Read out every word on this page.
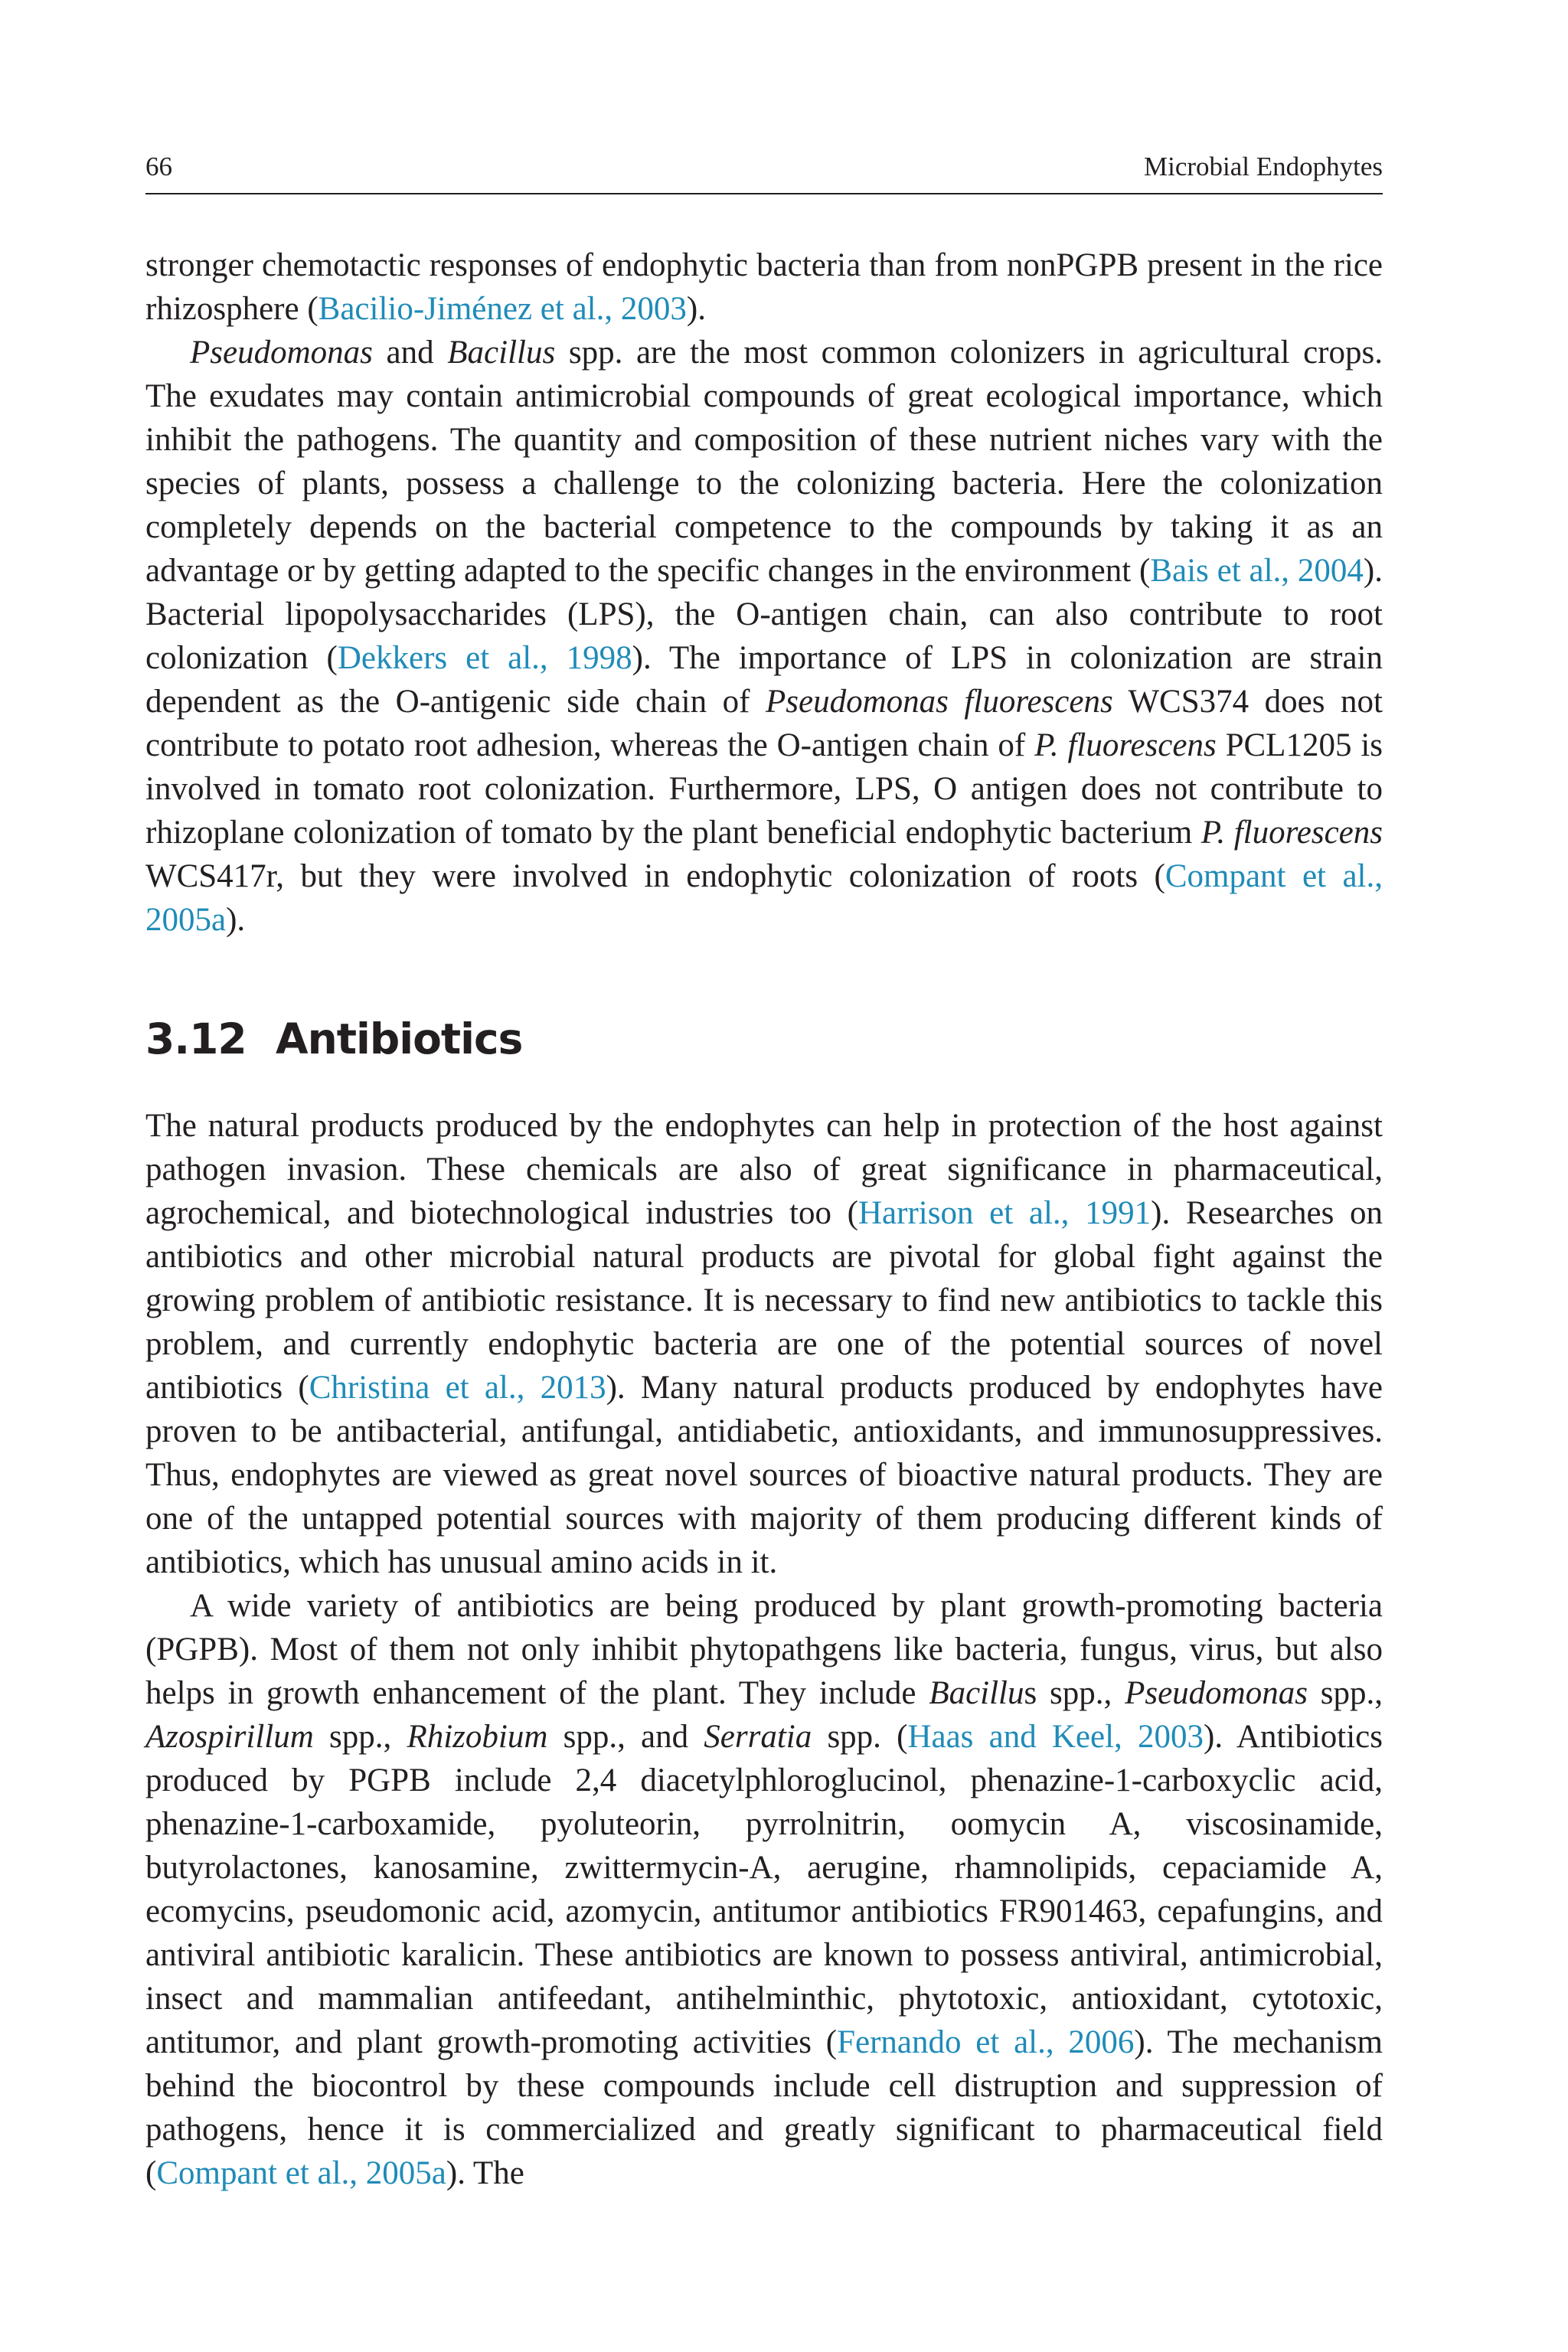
66	Microbial Endophytes

stronger chemotactic responses of endophytic bacteria than from nonPGPB present in the rice rhizosphere (Bacilio-Jiménez et al., 2003).

Pseudomonas and Bacillus spp. are the most common colonizers in agricultural crops. The exudates may contain antimicrobial compounds of great ecological importance, which inhibit the pathogens. The quantity and composition of these nutrient niches vary with the species of plants, possess a challenge to the colonizing bacteria. Here the colonization completely depends on the bacterial competence to the compounds by taking it as an advantage or by getting adapted to the specific changes in the environment (Bais et al., 2004). Bacterial lipopolysaccharides (LPS), the O-antigen chain, can also contribute to root colonization (Dekkers et al., 1998). The importance of LPS in colonization are strain dependent as the O-antigenic side chain of Pseudomonas fluorescens WCS374 does not contribute to potato root adhesion, whereas the O-antigen chain of P. fluorescens PCL1205 is involved in tomato root colonization. Furthermore, LPS, O antigen does not contribute to rhizoplane colonization of tomato by the plant beneficial endophytic bacterium P. fluorescens WCS417r, but they were involved in endophytic colonization of roots (Compant et al., 2005a).

3.12 Antibiotics

The natural products produced by the endophytes can help in protection of the host against pathogen invasion. These chemicals are also of great significance in pharmaceutical, agrochemical, and biotechnological industries too (Harrison et al., 1991). Researches on antibiotics and other microbial natural products are pivotal for global fight against the growing problem of antibiotic resistance. It is necessary to find new antibiotics to tackle this problem, and currently endophytic bacteria are one of the potential sources of novel antibiotics (Christina et al., 2013). Many natural products produced by endophytes have proven to be antibacterial, antifungal, antidiabetic, antioxidants, and immunosuppressives. Thus, endophytes are viewed as great novel sources of bioactive natural products. They are one of the untapped potential sources with majority of them producing different kinds of antibiotics, which has unusual amino acids in it.

A wide variety of antibiotics are being produced by plant growth-promoting bacteria (PGPB). Most of them not only inhibit phytopathgens like bacteria, fungus, virus, but also helps in growth enhancement of the plant. They include Bacillus spp., Pseudomonas spp., Azospirillum spp., Rhizobium spp., and Serratia spp. (Haas and Keel, 2003). Antibiotics produced by PGPB include 2,4 diacetylphloroglucinol, phenazine-1-carboxyclic acid, phenazine-1-carboxamide, pyoluteorin, pyrrolnitrin, oomycin A, viscosinamide, butyrolactones, kanosamine, zwittermycin-A, aerugine, rhamnolipids, cepaciamide A, ecomycins, pseudomonic acid, azomycin, antitumor antibiotics FR901463, cepafungins, and antiviral antibiotic karalicin. These antibiotics are known to possess antiviral, antimicrobial, insect and mammalian antifeedant, antihelminthic, phytotoxic, antioxidant, cytotoxic, antitumor, and plant growth-promoting activities (Fernando et al., 2006). The mechanism behind the biocontrol by these compounds include cell distruption and suppression of pathogens, hence it is commercialized and greatly significant to pharmaceutical field (Compant et al., 2005a). The
